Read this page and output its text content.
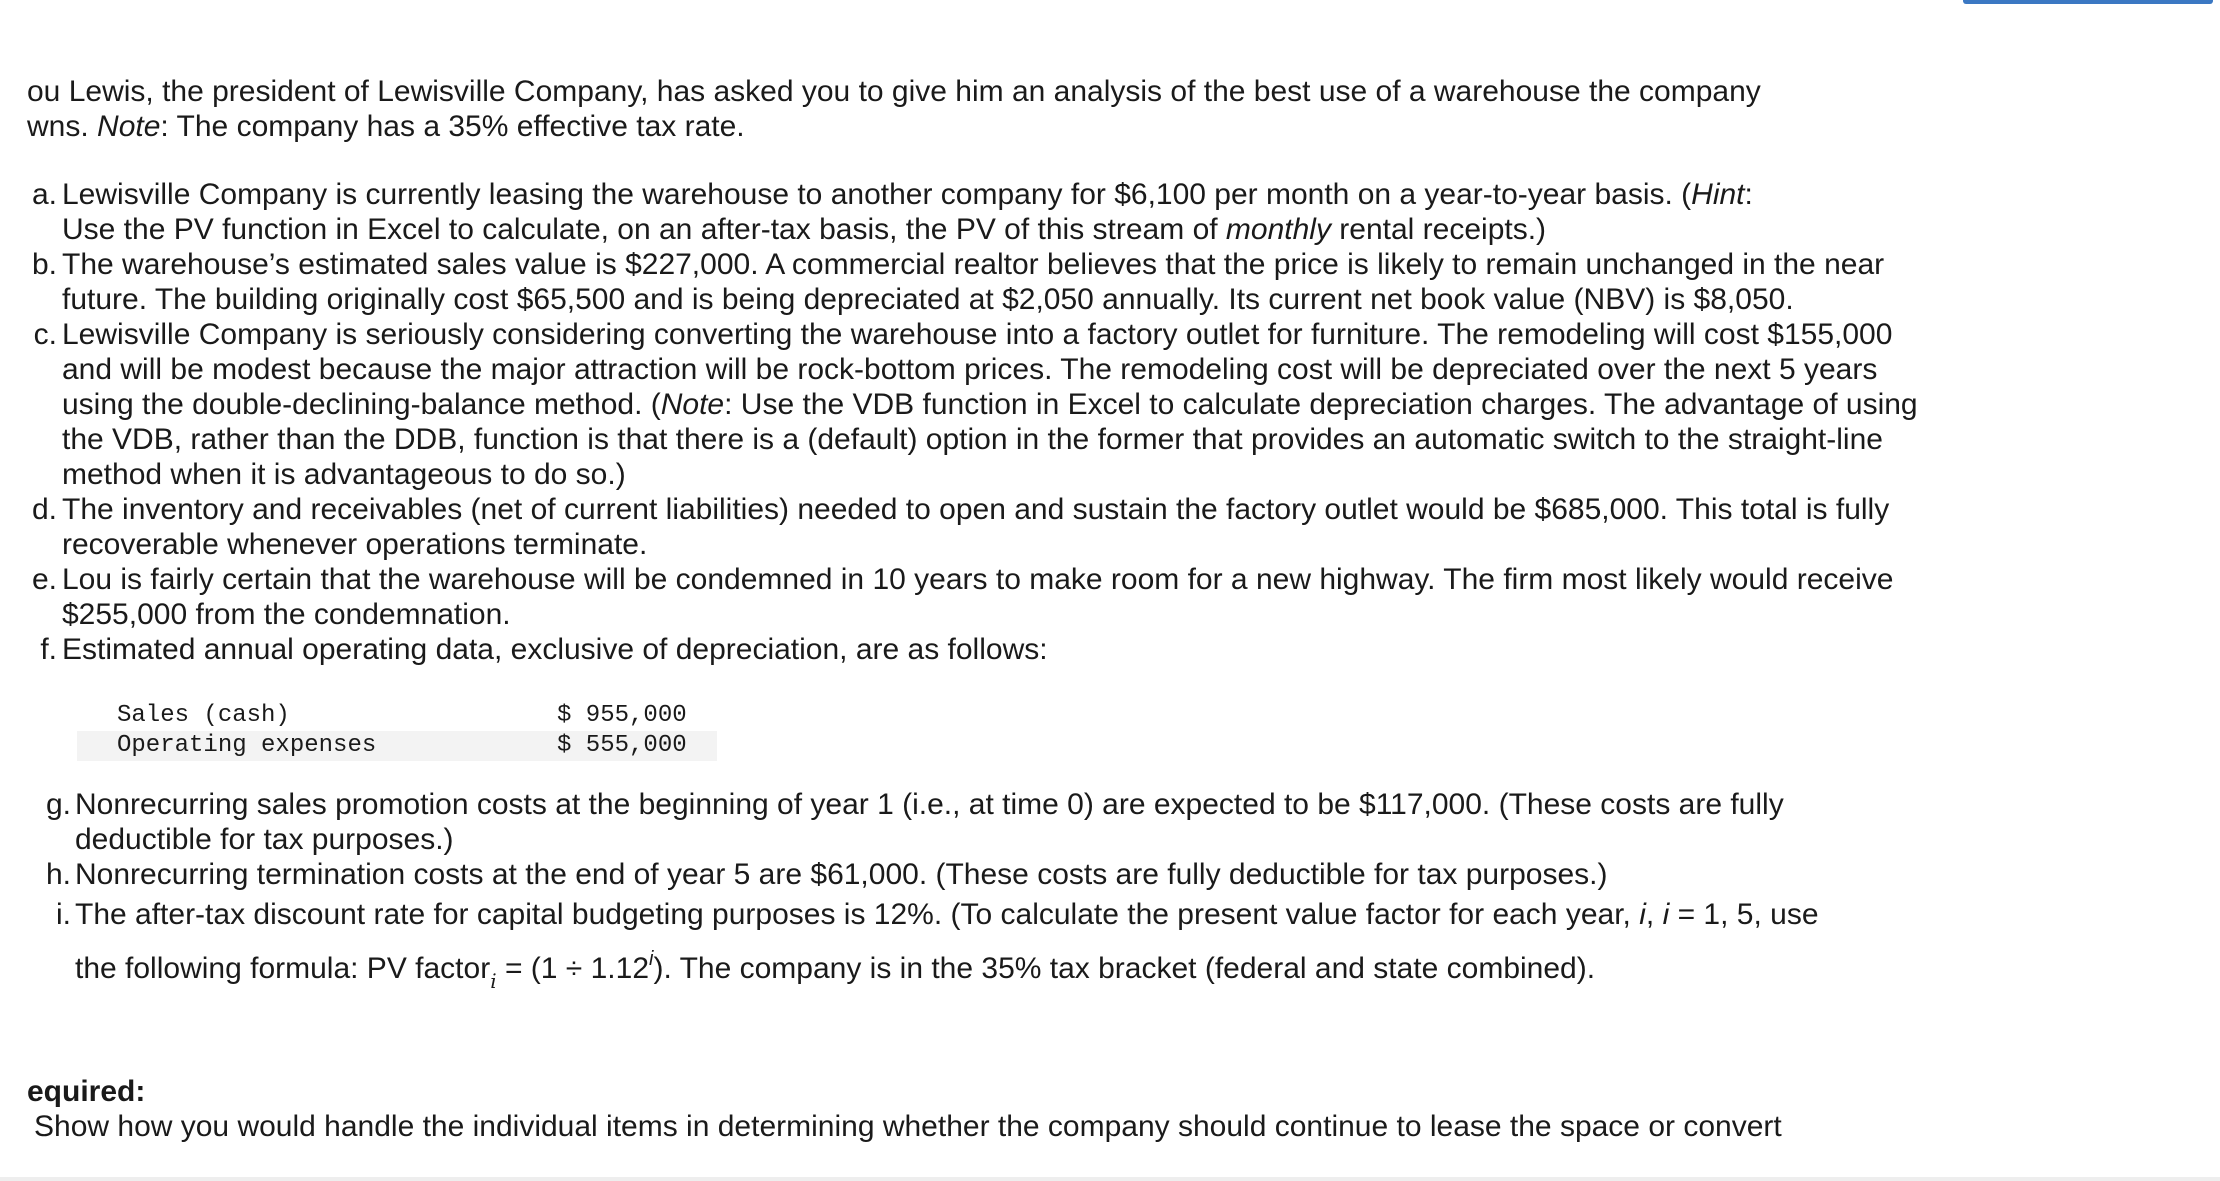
ou Lewis, the president of Lewisville Company, has asked you to give him an analysis of the best use of a warehouse the company
wns. Note: The company has a 35% effective tax rate.

a. Lewisville Company is currently leasing the warehouse to another company for $6,100 per month on a year-to-year basis. (Hint:
Use the PV function in Excel to calculate, on an after-tax basis, the PV of this stream of monthly rental receipts.)
b. The warehouse’s estimated sales value is $227,000. A commercial realtor believes that the price is likely to remain unchanged in the near future. The building originally cost $65,500 and is being depreciated at $2,050 annually. Its current net book value (NBV) is $8,050.
c. Lewisville Company is seriously considering converting the warehouse into a factory outlet for furniture. The remodeling will cost $155,000 and will be modest because the major attraction will be rock-bottom prices. The remodeling cost will be depreciated over the next 5 years using the double-declining-balance method. (Note: Use the VDB function in Excel to calculate depreciation charges. The advantage of using the VDB, rather than the DDB, function is that there is a (default) option in the former that provides an automatic switch to the straight-line method when it is advantageous to do so.)
d. The inventory and receivables (net of current liabilities) needed to open and sustain the factory outlet would be $685,000. This total is fully recoverable whenever operations terminate.
e. Lou is fairly certain that the warehouse will be condemned in 10 years to make room for a new highway. The firm most likely would receive $255,000 from the condemnation.
f. Estimated annual operating data, exclusive of depreciation, are as follows:
Sales (cash)	$ 955,000
Operating expenses	$ 555,000
g. Nonrecurring sales promotion costs at the beginning of year 1 (i.e., at time 0) are expected to be $117,000. (These costs are fully deductible for tax purposes.)
h. Nonrecurring termination costs at the end of year 5 are $61,000. (These costs are fully deductible for tax purposes.)
i. The after-tax discount rate for capital budgeting purposes is 12%. (To calculate the present value factor for each year, i, i = 1, 5, use
the following formula: PV factor$_i$ = $(1 \div 1.12^i)$. The company is in the 35% tax bracket (federal and state combined).
equired:
Show how you would handle the individual items in determining whether the company should continue to lease the space or convert
